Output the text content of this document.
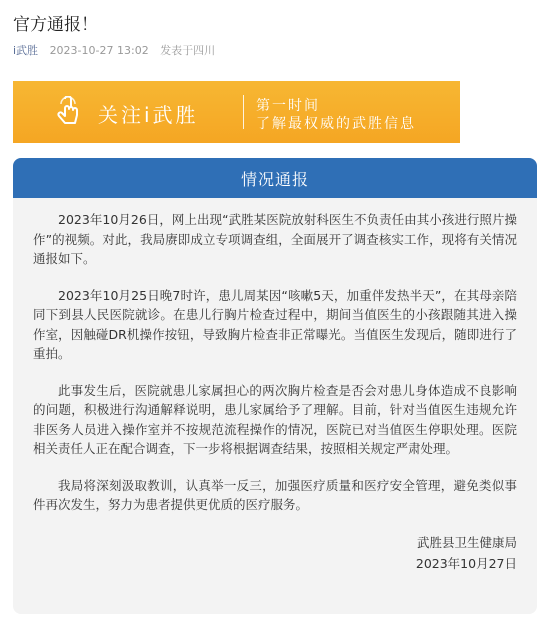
官方通报！
i武胜 2023-10-27 13:02 发表于四川
关注i武胜	第一时间
了解最权威的武胜信息
情况通报

2023年10月26日，网上出现“武胜某医院放射科医生不负责任由其小孩进行照片操作”的视频。对此，我局赓即成立专项调查组，全面展开了调查核实工作，现将有关情况通报如下。

2023年10月25日晚7时许，患儿周某因“咳嗽5天，加重伴发热半天”，在其母亲陪同下到县人民医院就诊。在患儿行胸片检查过程中，期间当值医生的小孩跟随其进入操作室，因触碰DR机操作按钮，导致胸片检查非正常曝光。当值医生发现后，随即进行了重拍。

此事发生后，医院就患儿家属担心的两次胸片检查是否会对患儿身体造成不良影响的问题，积极进行沟通解释说明，患儿家属给予了理解。目前，针对当值医生违规允许非医务人员进入操作室并不按规范流程操作的情况，医院已对当值医生停职处理。医院相关责任人正在配合调查，下一步将根据调查结果，按照相关规定严肃处理。

我局将深刻汲取教训，认真举一反三，加强医疗质量和医疗安全管理，避免类似事件再次发生，努力为患者提供更优质的医疗服务。

武胜县卫生健康局

2023年10月27日
